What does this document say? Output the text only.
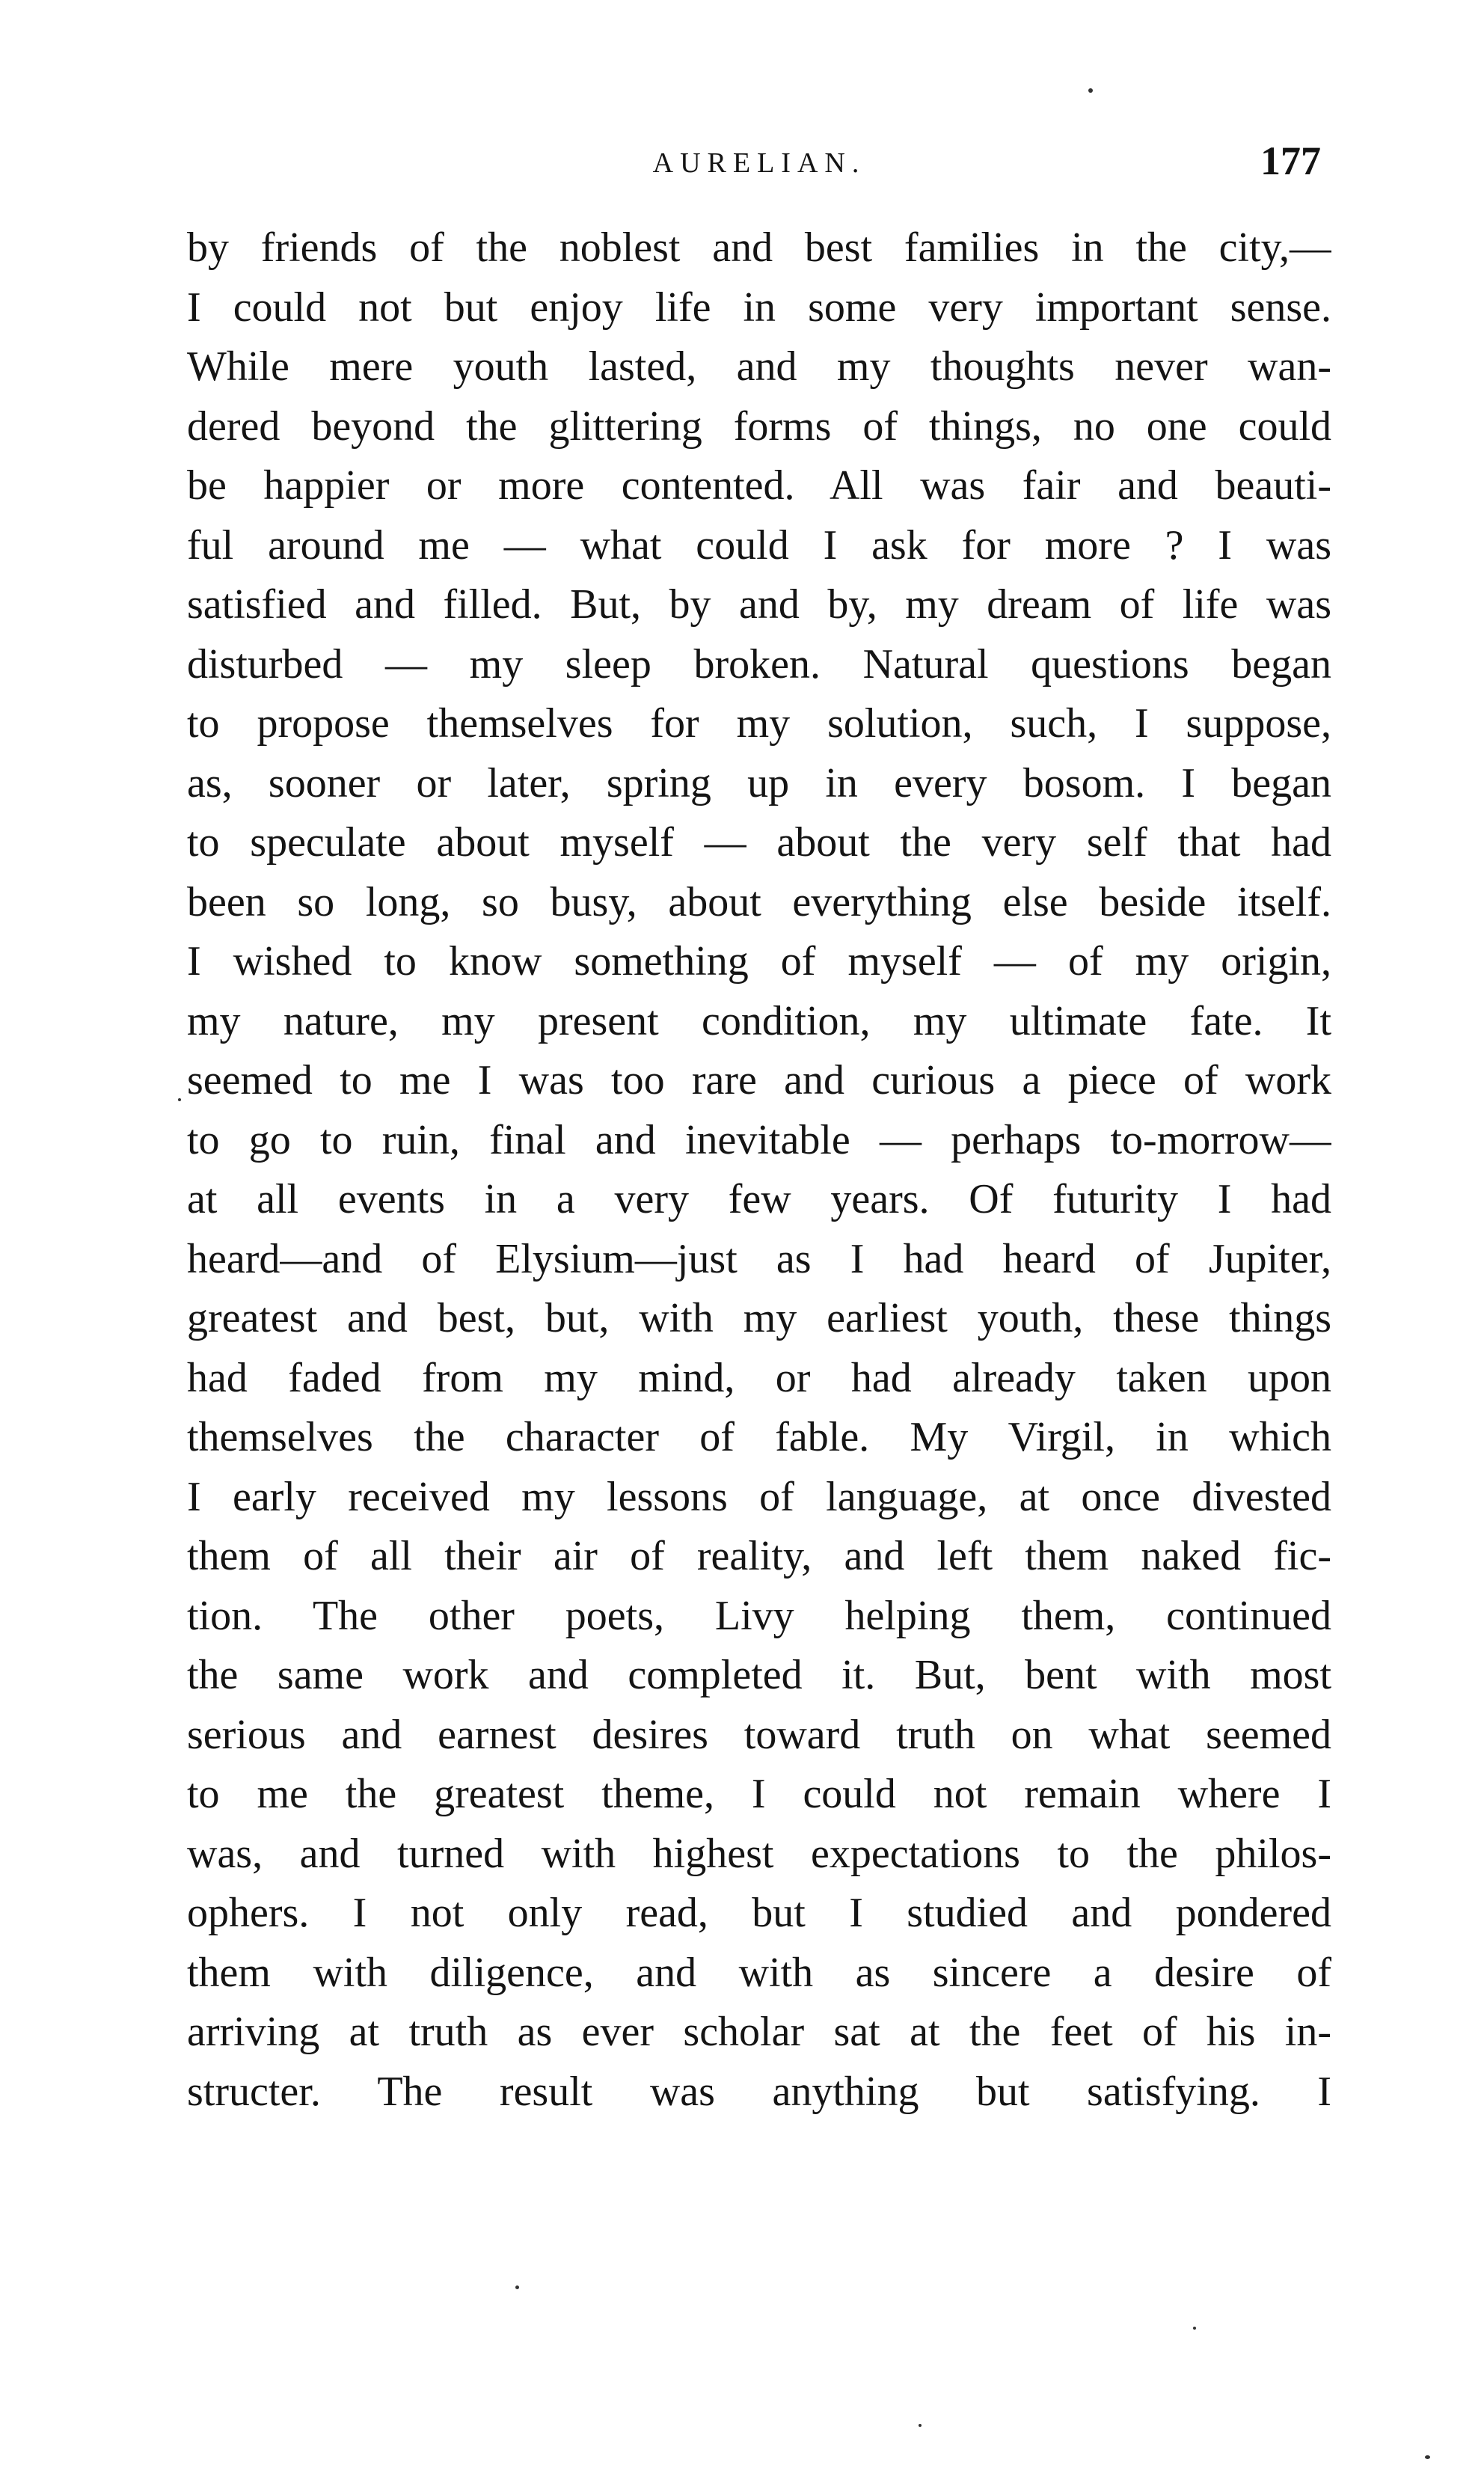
AURELIAN.	177
by friends of the noblest and best families in the city,—
I could not but enjoy life in some very important sense.
While mere youth lasted, and my thoughts never wan-
dered beyond the glittering forms of things, no one could
be happier or more contented. All was fair and beauti-
ful around me — what could I ask for more ? I was
satisfied and filled. But, by and by, my dream of life was
disturbed — my sleep broken. Natural questions began
to propose themselves for my solution, such, I suppose,
as, sooner or later, spring up in every bosom. I began
to speculate about myself — about the very self that had
been so long, so busy, about everything else beside itself.
I wished to know something of myself — of my origin,
my nature, my present condition, my ultimate fate. It
seemed to me I was too rare and curious a piece of work
to go to ruin, final and inevitable — perhaps to-morrow—
at all events in a very few years. Of futurity I had
heard—and of Elysium—just as I had heard of Jupiter,
greatest and best, but, with my earliest youth, these things
had faded from my mind, or had already taken upon
themselves the character of fable. My Virgil, in which
I early received my lessons of language, at once divested
them of all their air of reality, and left them naked fic-
tion. The other poets, Livy helping them, continued
the same work and completed it. But, bent with most
serious and earnest desires toward truth on what seemed
to me the greatest theme, I could not remain where I
was, and turned with highest expectations to the philos-
ophers. I not only read, but I studied and pondered
them with diligence, and with as sincere a desire of
arriving at truth as ever scholar sat at the feet of his in-
structer. The result was anything but satisfying. I
